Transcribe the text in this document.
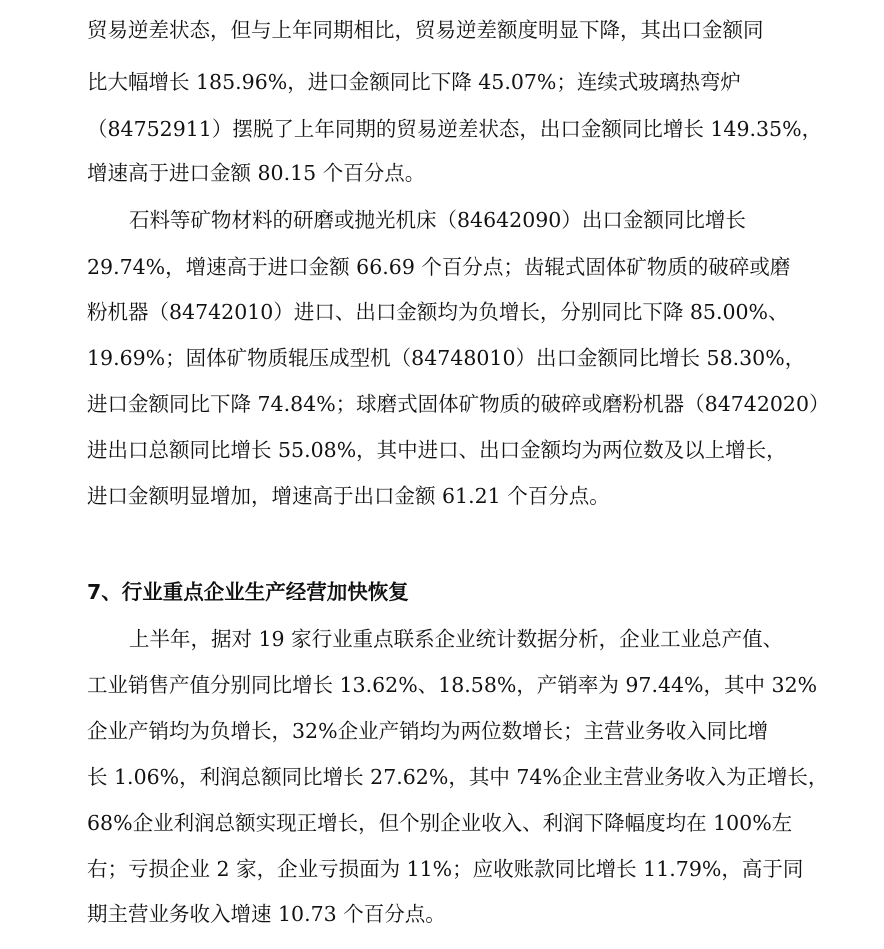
贸易逆差状态，但与上年同期相比，贸易逆差额度明显下降，其出口金额同
比大幅增长 185.96%，进口金额同比下降 45.07%；连续式玻璃热弯炉
（84752911）摆脱了上年同期的贸易逆差状态，出口金额同比增长 149.35%，
增速高于进口金额 80.15 个百分点。
石料等矿物材料的研磨或抛光机床（84642090）出口金额同比增长
29.74%，增速高于进口金额 66.69 个百分点；齿辊式固体矿物质的破碎或磨
粉机器（84742010）进口、出口金额均为负增长，分别同比下降 85.00%、
19.69%；固体矿物质辊压成型机（84748010）出口金额同比增长 58.30%，
进口金额同比下降 74.84%；球磨式固体矿物质的破碎或磨粉机器（84742020）
进出口总额同比增长 55.08%，其中进口、出口金额均为两位数及以上增长，
进口金额明显增加，增速高于出口金额 61.21 个百分点。
7、行业重点企业生产经营加快恢复
上半年，据对 19 家行业重点联系企业统计数据分析，企业工业总产值、
工业销售产值分别同比增长 13.62%、18.58%，产销率为 97.44%，其中 32%
企业产销均为负增长，32%企业产销均为两位数增长；主营业务收入同比增
长 1.06%，利润总额同比增长 27.62%，其中 74%企业主营业务收入为正增长，
68%企业利润总额实现正增长，但个别企业收入、利润下降幅度均在 100%左
右；亏损企业 2 家，企业亏损面为 11%；应收账款同比增长 11.79%，高于同
期主营业务收入增速 10.73 个百分点。
